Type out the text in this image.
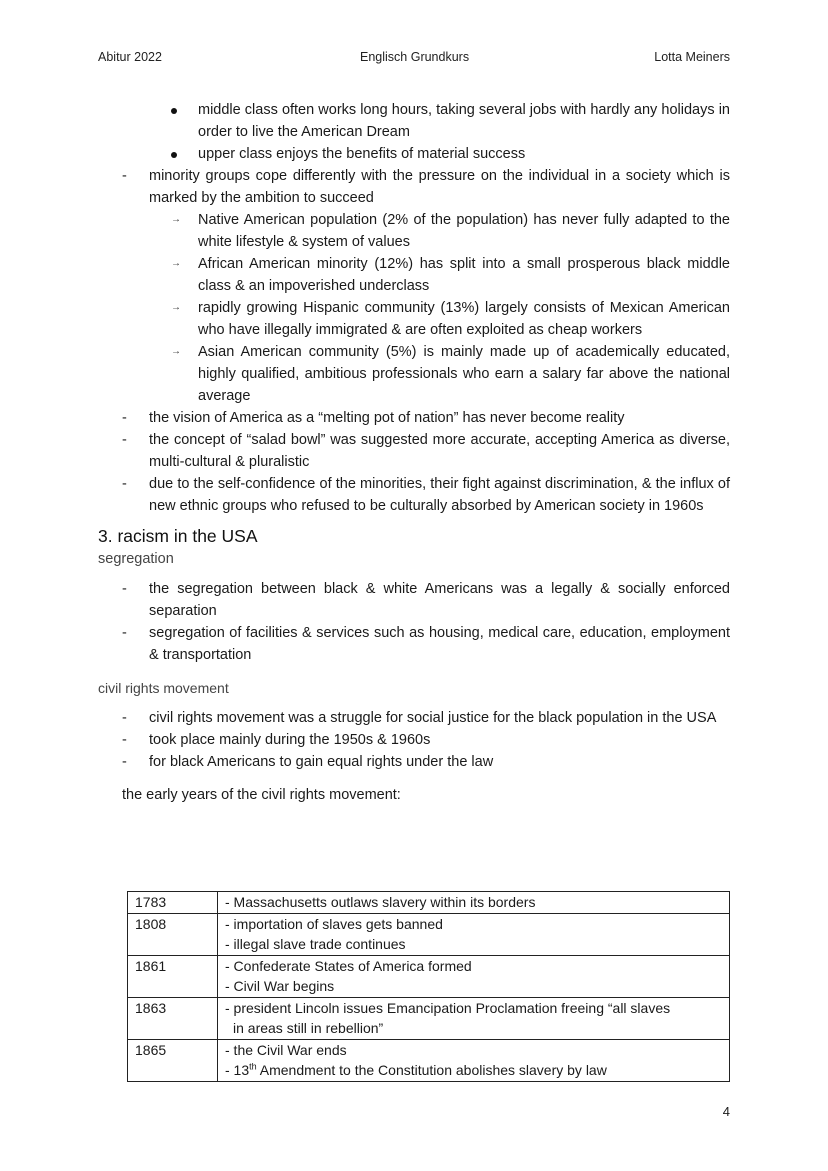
Abitur 2022	Englisch Grundkurs	Lotta Meiners
middle class often works long hours, taking several jobs with hardly any holidays in order to live the American Dream
upper class enjoys the benefits of material success
- minority groups cope differently with the pressure on the individual in a society which is marked by the ambition to succeed
→ Native American population (2% of the population) has never fully adapted to the white lifestyle & system of values
→ African American minority (12%) has split into a small prosperous black middle class & an impoverished underclass
→ rapidly growing Hispanic community (13%) largely consists of Mexican American who have illegally immigrated & are often exploited as cheap workers
→ Asian American community (5%) is mainly made up of academically educated, highly qualified, ambitious professionals who earn a salary far above the national average
- the vision of America as a “melting pot of nation” has never become reality
- the concept of “salad bowl” was suggested more accurate, accepting America as diverse, multi-cultural & pluralistic
- due to the self-confidence of the minorities, their fight against discrimination, & the influx of new ethnic groups who refused to be culturally absorbed by American society in 1960s
3. racism in the USA
segregation
- the segregation between black & white Americans was a legally & socially enforced separation
- segregation of facilities & services such as housing, medical care, education, employment & transportation
civil rights movement
- civil rights movement was a struggle for social justice for the black population in the USA
- took place mainly during the 1950s & 1960s
- for black Americans to gain equal rights under the law
the early years of the civil rights movement:
1783	- Massachusetts outlaws slavery within its borders

1808	- importation of slaves gets banned
- illegal slave trade continues

1861	- Confederate States of America formed
- Civil War begins

1863	- president Lincoln issues Emancipation Proclamation freeing “all slaves
in areas still in rebellion”

1865	- the Civil War ends
- 13th Amendment to the Constitution abolishes slavery by law
4
